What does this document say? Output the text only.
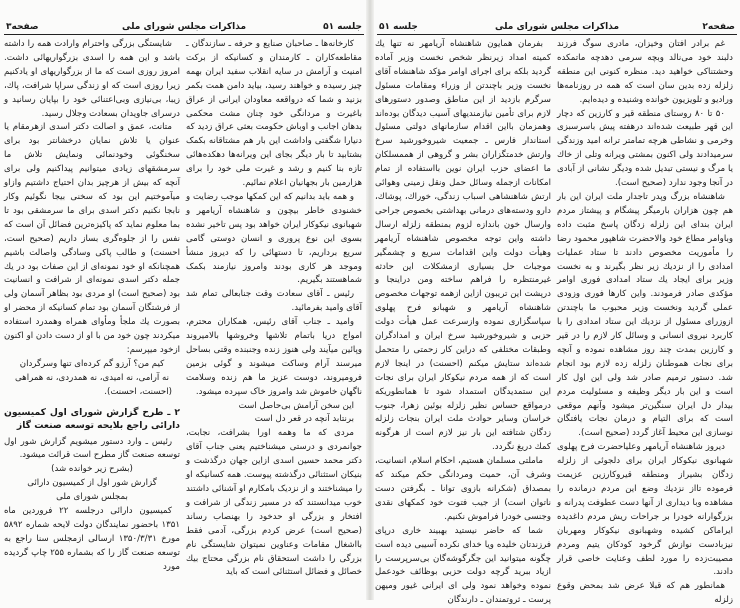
جلسه ۵۱
مذاکرات مجلس شورای ملی
صفحه۳

کارخانه‌ها ـ صاحبان صنایع و حرفه ـ سازندگان ـ مقاطعه‌کاران ـ کارمندان و کسانیکه از برکت امنیت و آرامش در سایه انقلاب سفید ایران بهمه چیز رسیده و خواهند رسید، بیاید دامن همت بکمر بزنید و شما که درواقعه معاودان ایرانی از عراق باغیرت و مردانگی خود چنان مشت محکمی بدهان اجانب و اوباش حکومت بعثی عراق زدید که دنیارا شگفتی واداشت این بار هم مشتاقانه بکمک بشتابید تا بار دیگر بجای این ویرانه‌ها دهکده‌هائی تازه بنا کنیم و رشد و غیرت ملی خود را برای هزارمین بار بجهانیان اعلام نمائیم.

و همه باید بدانیم که این کمکها موجب رضایت و خشنودی خاطر بیچون و شاهنشاه آریامهر و شهبانوی نیکوکار ایران خواهد بود پس تاخیر نشده بسوی این نوع پروری و انسان دوستی گامی سریع برداریم، تا دستهائی را که دیروز منشأ وموجد هر کاری بودند وامروز نیازمند بکمک شماهستند بگیریم.

رئیس ـ آقای سعادت وقت جنابعالی تمام شد آقای وامید بفرمائید.

وامید ـ جناب آقای رئیس، همکاران محترم، امواج دریا باتمام تلاشها وخروشها بالامیروند وپائین میآیند ولی هنوز زنده وجنبنده وقتی بساحل میرسند آرام وساکت میشوند و گوئی بزمین فرومیروند، دوست عزیز ما هم زنده وسلامت ناگهان خاموش شد وامروز خاک سپرده میشود.

این سخن آرامش بی‌حاصل است

برنتابد آنچه در قعر دل است

مردی که ما وهمه اورا بشرافت، نجابت، جوانمردی و درستی میشناختیم یعنی جناب آقای دکتر محمد حسین اسدی ازاین جهان درگذشت و بنیکان استثنائی درگذشته پیوست. همه کسانیکه او را میشناختند و از نزدیک بامکارم او آشنائی داشتند خوب میدانستند که در مسیر زندگی از شرافت و افتخار و بزرگی او حدخود را بهنصاب رساند (صحیح است) عرض کردم بزرگی، آدمی فقط بااشغال مقامات وعناوین نمیتوان شایستگی نام بزرگی را داشت استحقاق نام بزرگی محتاج بیك خصائل و فضائل استثنائی است که باید

شایستگی بزرگی واحترام وارادت همه را داشته باشد و این همه را اسدی بزرگواریهائی داشت. امروز روزی است که ما از بزرگواریهای او یادکنیم زیرا روزی است که او زندگی سراپا شرافت، پاك، زیبا، بی‌نیازی وبی‌اعتنائی خود را بپایان رسانید و درسرای جاویدان بسعادت وجلال رسید.

متانت، عمق و اصالت دکتر اسدی ازهرمقام یا عنوان یا تلاش نمایان درخشانتر بود برای سخنگوئی وخودنمائی ونمایش تلاش ما سرمشقهای زیادی میتوانیم پیداکنیم ولی برای آنچه که بیش از هرچیز بدان احتیاج داشتیم وازاو میآموختیم این بود که سخنی بیجا نگوئیم وکار نابجا نکنیم دکتر اسدی برای ما سرمشقی بود تا بما معلوم نماید که پاکیزه‌ترین فضائل آن است که نفس را از جلوه‌گری بساز داریم (صحیح است، احسنت) و طالب پاکی وسادگی واصالت باشیم همچنانکه او خود نمونه‌ای از این صفات بود در یك جمله دکتر اسدی نمونه‌ای از شرافت و انسانیت بود (صحیح است) او مردی بود بظاهر آسمان ولی از فرشتگان آسمان بود تمام کسانیکه از محضر او بصورت یك ملجأ ومأوای همراه وهمدرد استفاده میکردند چون خود من با او از دست دادن او اکنون ازخود میپرسم:

کیم من؟ آرزو گم کرده‌ای تنها وسرگردان

نه آرامی، نه امیدی، نه همدردی، نه همراهی

(احسنت، احسنت).

۲ ـ طرح گزارش شورای اول کمیسیون دارائی راجع بلایحه توسعه صنعت گاز

رئیس ـ وارد دستور میشویم گزارش شور اول توسعه صنعت گاز مطرح است قرائت میشود.

(بشرح زیر خوانده شد)

گزارش شور اول از کمیسیون دارائی

بمجلس شورای ملی

کمیسیون دارائی درجلسه ۲۲ فروردین ماه ۱۳۵۱ باحضور نمایندگان دولت لایحه شماره ۵۸۹۲ مورخ ۱۳۵۰/۳/۳۱ ارسالی ازمجلس سنا راجع به توسعه صنعت گاز را که بشماره ۲۵۵ چاپ گردیده مورد

صفحه۲
مذاکرات مجلس شورای ملی
جلسه ۵۱

غم برادر افتان وخیزان، مادری سوگ فرزند دلبند خود می‌نالد وبچه سرمی دهدچه ماتمکده وحشتناکی خواهید دید. منظره کنونی این منطقه زلزله زده بدین سان است که همه در روزنامه‌ها ورادیو و تلویزیون خوانده وشنیده و دیده‌ایم.

۵۰ تا ۸۰ روستای منطقه قیر و کارزین که دچار این قهر طبیعت شده‌اند درهفته پیش باسرسبزی وخرمی و نشاطی هرچه تمامتر ترانه امید وزندگی سرمیدادند ولی اکنون بمشتی ویرانه وتلی از خاك یا مرگ و نیستی تبدیل شده ودیگر نشانی از آبادی در آنجا وجود ندارد (صحیح است).

شاهنشاه بزرگ وپدر تاجدار ملت ایران این بار هم چون هزاران بارمیگر پیشگام و پیشتاز مردم ایران بندای این زلزله زدگان پاسخ مثبت داده وباوامر مطاع خود والاحضرت شاهپور محمود رضا را مأموریت مخصوص دادند تا ستاد عملیات امدادی را از نزدیك زیر نظر بگیرند و به نخست وزیر برای ایجاد یك ستاد امدادی فوری اوامر مؤکدی صادر فرمودند. واین کارها فوری وزودی عملی گردید ونخست وزیر محبوب ما باچندتن ازوزرای مسئول از نزدیك این ستاد امدادی را با کاربرد نیروی انسانی و وسائل کار لازم را در قیر و کارزین بمدت چند روز مشاهده نموده و آنچه برای نجات هموطنان زلزله زده لازم بود انجام شد. دستور ترمیم صادر شد ولی این اول کار است و این بار دیگر وظیفه و مسئولیت مردم بیدار دل ایران سنگین‌تر میشود وآنهم موقعی است که برای التیام و درمان نجات یافتگان نوسازی این محیط آغاز گردد (صحیح است).

دیروز شاهنشاه آریامهر وعلیاحضرت فرح پهلوی شهبانوی نیکوکار ایران برای دلجوئی از زلزله زدگان بشیراز ومنطقه قیروکارزین عزیمت فرموده تااز نزدیك وضع این مردم درمانده را مشاهده وبا دیداری از آنها دست عطوفت پدرانه و بزرگوارانه خودرا بر جراحات ریش مردم داغدیده ایراماکن کشیده وشهبانوی نیکوکار ومهربان نیزبادست نوازش گرخود کودکان یتیم ومردم مصیبت‌زده را مورد لطف وعنایت خاصی قرار دادند.

همانطور هم که قبلا عرض شد بمحض وقوع زلزله

بفرمان همایون شاهنشاه آریامهر نه تنها یك کمیته امداد زیرنظر شخص نخست وزیر آماده گردید بلکه برای اجرای اوامر مؤکد شاهنشاه آقای نخست وزیر باچندتن از وزراء ومقامات مسئول سرگرم بازدید از این مناطق وصدور دستورهای لازم برای تأمین نیازمندیهای آسیب دیدگان بوده‌اند وهمزمان بااین اقدام سازمانهای دولتی مسئول استاندار فارس ـ جمعیت شیروخورشید سرخ وارتش خدمتگزاران بشر و گروهی از هممسلکان ما اعضای حزب ایران نوین بااستفاده از تمام امکانات ازجمله وسائل حمل ونقل زمینی وهوائی ارتش شاهنشاهی اسباب زندگی، خوراك، پوشاك، دارو ودسته‌های درمانی بهداشتی بخصوص جراحی وارسال خون باندازه لزوم بمنطقه زلزله ارسال داشته واین توجه مخصوص شاهنشاه آریامهر وهیأت دولت واین اقدامات سریع و چشمگیر موجبات حل بسیاری ازمشکلات این حادثه غیرمنتظره را فراهم ساخته ومن دراینجا و درپشت این تریبون ازاین ازهمه توجهات مخصوص شاهنشاه آریامهر و شهبانو فرح پهلوی سپاسگزاری نموده وازسرعت عمل هیأت دولت حزبی و شیروخورشید سرخ ایران و امدادگران وطبقات مختلفی که دراین کار زحمتی را متحمل شده‌اند ستایش میکنم (احسنت) در اینجا لازم است که از همه مردم نیکوکار ایران برای نجات این ستمدیدگان استمداد شود تا همانطوریکه درمواقع حساس نظیر زلزله بوئین زهرا، جنوب خراسان وسایر حوادث ملت ایران بنجات زلزله زدگان شتافته این بار نیز لازم است از هرگونه کمك دریغ نگردد.

ماملتی مسلمان هستیم، احکام اسلام، انسانیت، وشرف آن، حمیت ومردانگی حکم میکند که بمصداق (شکرانه بازوی توانا ـ بگرفتن دست ناتوان است) از جیب فتوت خود کمکهای نقدی وجنسی خودرا فراموش نکنیم.

شما که حاضر نیستید بهبیند خاری درپای فرزندتان خلیده ویا خدای نکرده آسیبی دیده است چگونه میتوانید این جگرگوشه‌گان بی‌سرپرست را ازیاد ببرید گرچه دولت حزبی بوظائف خودعمل نموده وخواهد نمود ولی ای ایرانی غیور ومیهن پرست ـ ثروتمندان ـ دارندگان
